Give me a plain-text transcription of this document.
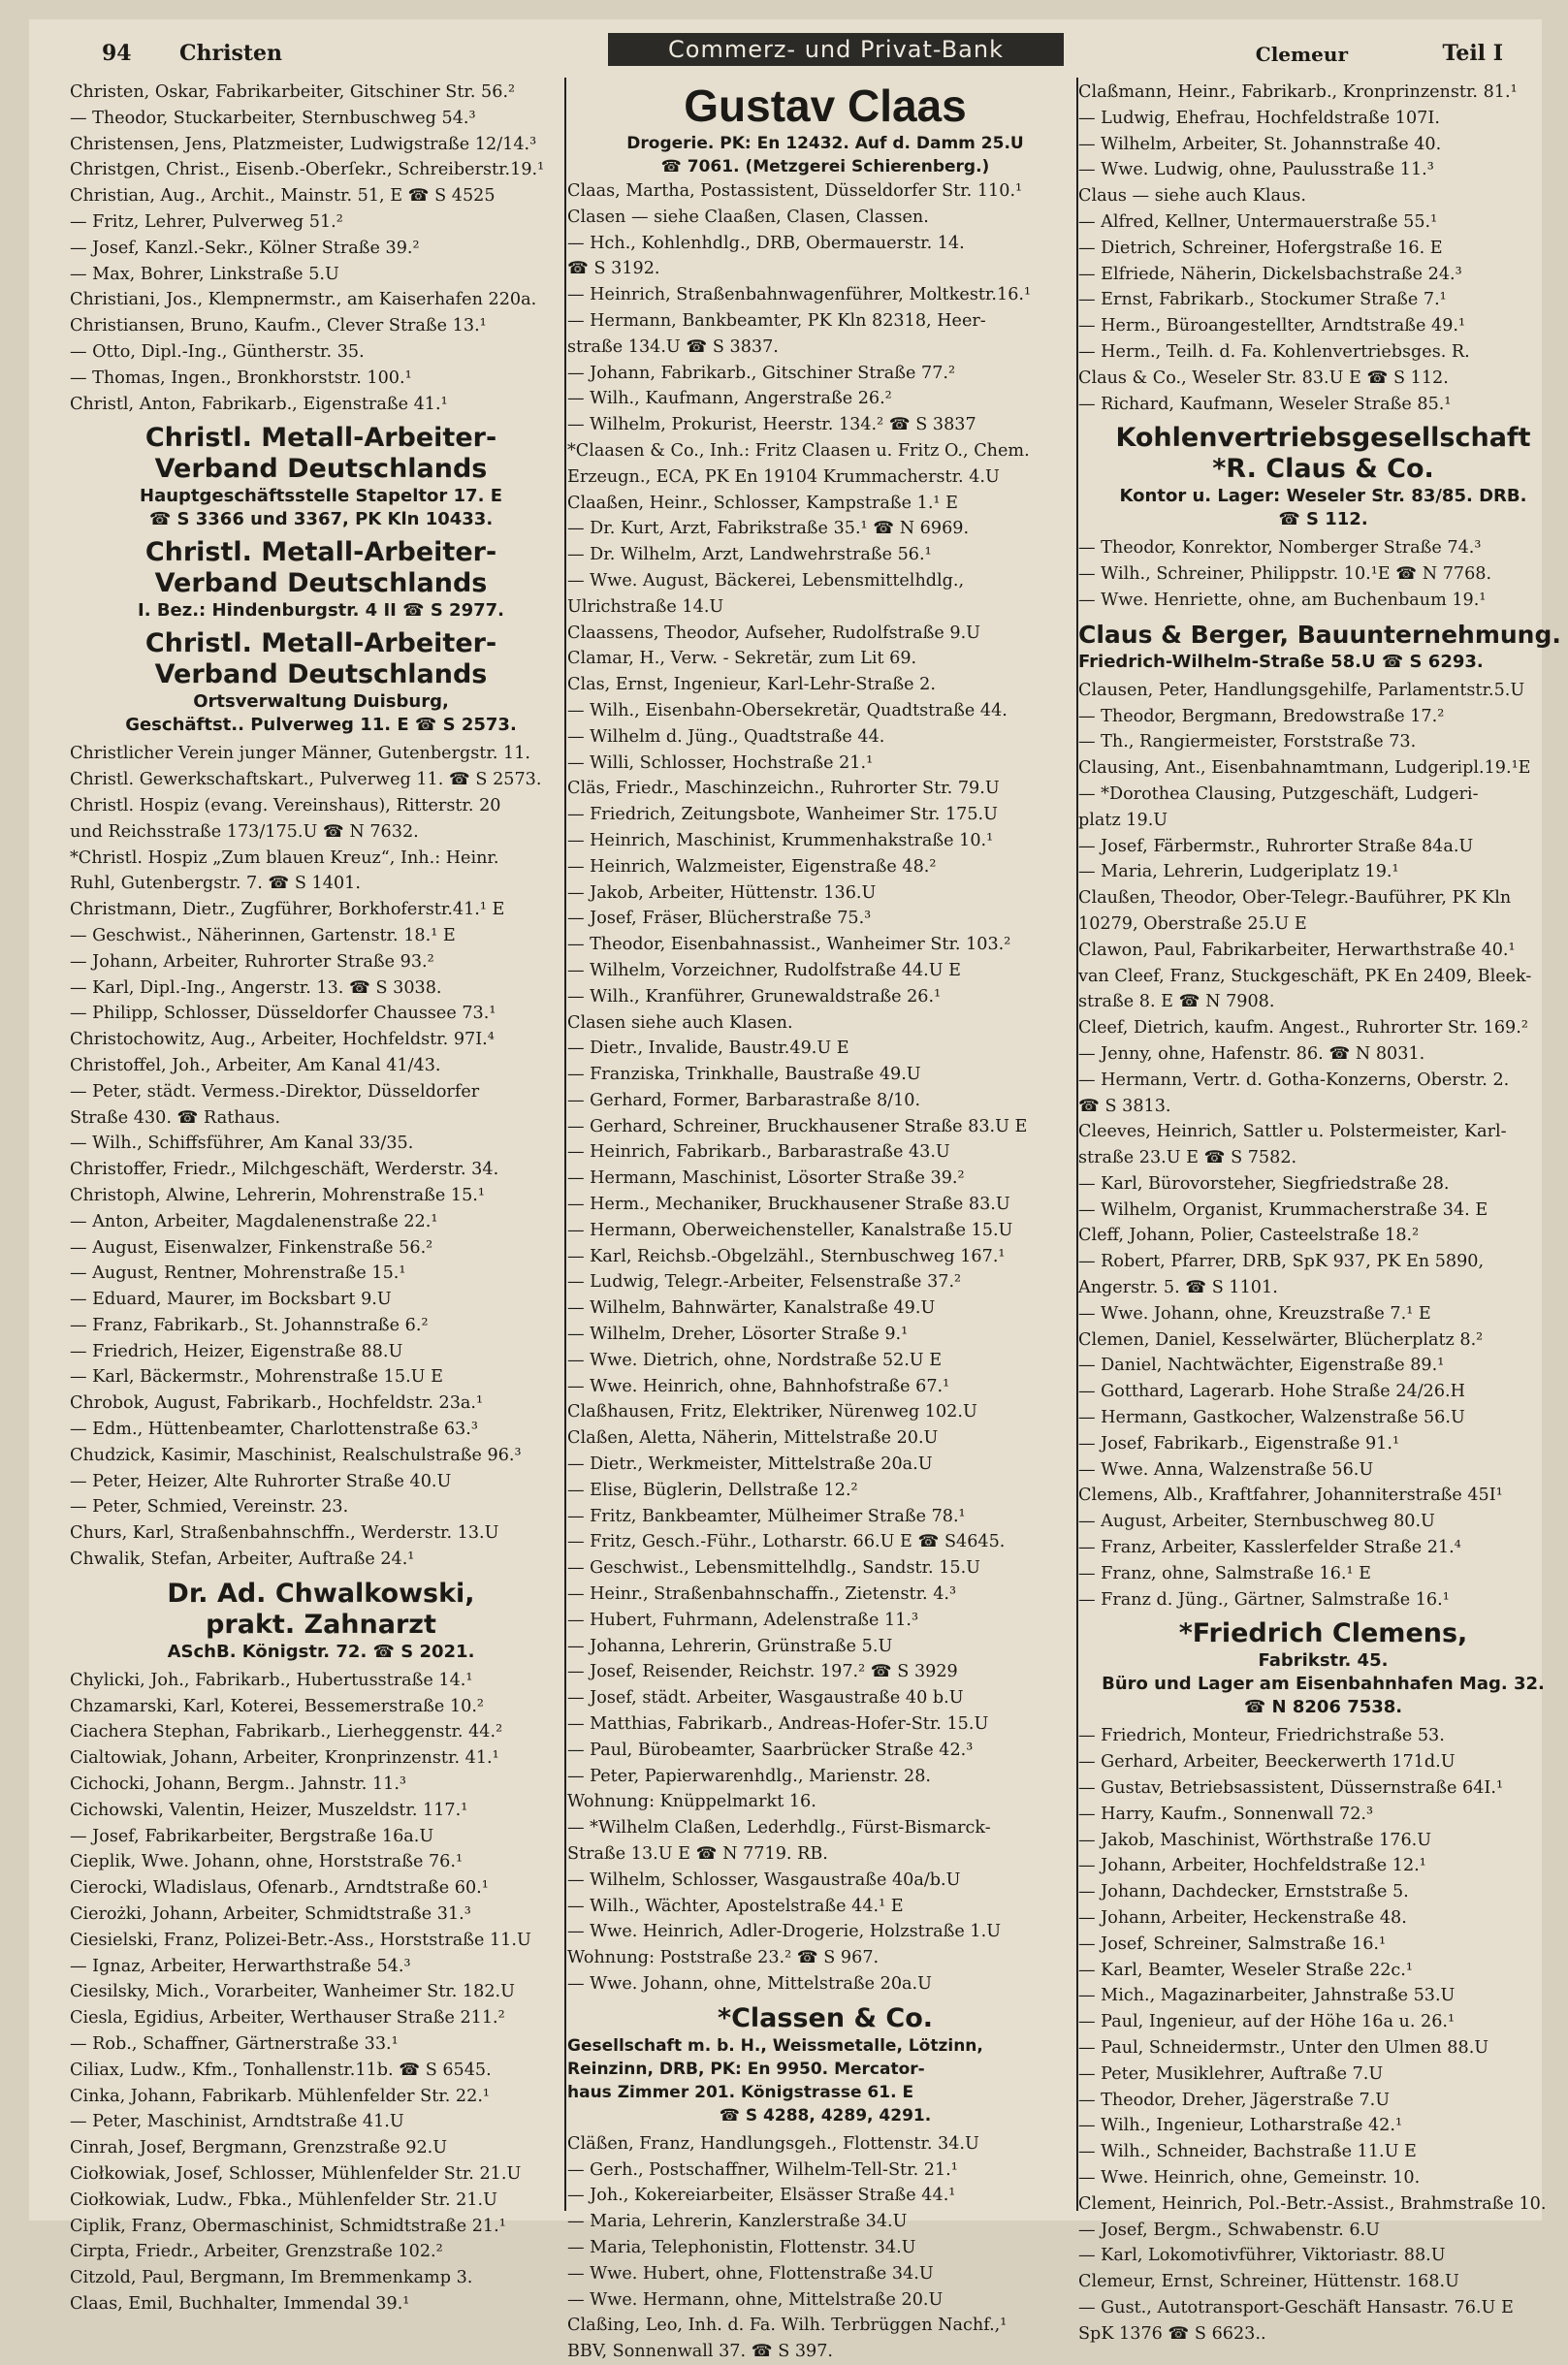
94 Christen	Commerz- und Privat-Bank	Clemeur	Teil I
Christen, Oskar, Fabrikarbeiter, Gitschiner Str. 56.²
— Theodor, Stuckarbeiter, Sternbuschweg 54.³
Christensen, Jens, Platzmeister, Ludwigstraße 12/14.³
Christgen, Christ., Eisenb.-Oberſekr., Schreiberstr.19.¹
Christian, Aug., Archit., Mainstr. 51, E ☎ S 4525
— Fritz, Lehrer, Pulverweg 51.²
— Josef, Kanzl.-Sekr., Kölner Straße 39.²
— Max, Bohrer, Linkstraße 5.U
Christiani, Jos., Klempnermstr., am Kaiserhafen 220a.
Christiansen, Bruno, Kaufm., Clever Straße 13.¹
— Otto, Dipl.-Ing., Güntherstr. 35.
— Thomas, Ingen., Bronkhorststr. 100.¹
Christl, Anton, Fabrikarb., Eigenstraße 41.¹
Christl. Metall-Arbeiter-
Verband Deutschlands
Hauptgeschäftsstelle Stapeltor 17. E
☎ S 3366 und 3367, PK Kln 10433.
Christl. Metall-Arbeiter-
Verband Deutschlands
I. Bez.: Hindenburgstr. 4 II ☎ S 2977.
Christl. Metall-Arbeiter-
Verband Deutschlands
Ortsverwaltung Duisburg,
Geschäftst.. Pulverweg 11. E ☎ S 2573.
Christlicher Verein junger Männer, Gutenbergstr. 11.
Christl. Gewerkschaftskart., Pulverweg 11. ☎ S 2573.
Christl. Hospiz (evang. Vereinshaus), Ritterstr. 20
und Reichsstraße 173/175.U ☎ N 7632.
*Christl. Hospiz „Zum blauen Kreuz“, Inh.: Heinr.
Ruhl, Gutenbergstr. 7. ☎ S 1401.
Christmann, Dietr., Zugführer, Borkhoferstr.41.¹ E
— Geschwist., Näherinnen, Gartenstr. 18.¹ E
— Johann, Arbeiter, Ruhrorter Straße 93.²
— Karl, Dipl.-Ing., Angerstr. 13. ☎ S 3038.
— Philipp, Schlosser, Düsseldorfer Chaussee 73.¹
Christochowitz, Aug., Arbeiter, Hochfeldstr. 97I.⁴
Christoffel, Joh., Arbeiter, Am Kanal 41/43.
— Peter, städt. Vermess.-Direktor, Düsseldorfer
Straße 430. ☎ Rathaus.
— Wilh., Schiffsführer, Am Kanal 33/35.
Christoffer, Friedr., Milchgeschäft, Werderstr. 34.
Christoph, Alwine, Lehrerin, Mohrenstraße 15.¹
— Anton, Arbeiter, Magdalenenstraße 22.¹
— August, Eisenwalzer, Finkenstraße 56.²
— August, Rentner, Mohrenstraße 15.¹
— Eduard, Maurer, im Bocksbart 9.U
— Franz, Fabrikarb., St. Johannstraße 6.²
— Friedrich, Heizer, Eigenstraße 88.U
— Karl, Bäckermstr., Mohrenstraße 15.U E
Chrobok, August, Fabrikarb., Hochfeldstr. 23a.¹
— Edm., Hüttenbeamter, Charlottenstraße 63.³
Chudzick, Kasimir, Maschinist, Realschulstraße 96.³
— Peter, Heizer, Alte Ruhrorter Straße 40.U
— Peter, Schmied, Vereinstr. 23.
Churs, Karl, Straßenbahnschffn., Werderstr. 13.U
Chwalik, Stefan, Arbeiter, Auftraße 24.¹
Dr. Ad. Chwalkowski,
prakt. Zahnarzt
ASchB. Königstr. 72. ☎ S 2021.
Chylicki, Joh., Fabrikarb., Hubertusstraße 14.¹
Chzamarski, Karl, Koterei, Bessemerstraße 10.²
Ciachera Stephan, Fabrikarb., Lierheggenstr. 44.²
Cialtowiak, Johann, Arbeiter, Kronprinzenstr. 41.¹
Cichocki, Johann, Bergm.. Jahnstr. 11.³
Cichowski, Valentin, Heizer, Muszeldstr. 117.¹
— Josef, Fabrikarbeiter, Bergstraße 16a.U
Cieplik, Wwe. Johann, ohne, Horststraße 76.¹
Cierocki, Wladislaus, Ofenarb., Arndtstraße 60.¹
Cierożki, Johann, Arbeiter, Schmidtstraße 31.³
Ciesielski, Franz, Polizei-Betr.-Ass., Horststraße 11.U
— Ignaz, Arbeiter, Herwarthstraße 54.³
Ciesilsky, Mich., Vorarbeiter, Wanheimer Str. 182.U
Ciesla, Egidius, Arbeiter, Werthauser Straße 211.²
— Rob., Schaffner, Gärtnerstraße 33.¹
Ciliax, Ludw., Kfm., Tonhallenstr.11b. ☎ S 6545.
Cinka, Johann, Fabrikarb. Mühlenfelder Str. 22.¹
— Peter, Maschinist, Arndtstraße 41.U
Cinrah, Josef, Bergmann, Grenzstraße 92.U
Ciołkowiak, Josef, Schlosser, Mühlenfelder Str. 21.U
Ciołkowiak, Ludw., Fbka., Mühlenfelder Str. 21.U
Ciplik, Franz, Obermaschinist, Schmidtstraße 21.¹
Cirpta, Friedr., Arbeiter, Grenzstraße 102.²
Citzold, Paul, Bergmann, Im Bremmenkamp 3.
Claas, Emil, Buchhalter, Immendal 39.¹
Gustav Claas
Drogerie. PK: En 12432. Auf d. Damm 25.U
☎ 7061. (Metzgerei Schierenberg.)
Claas, Martha, Postassistent, Düsseldorfer Str. 110.¹
Clasen — siehe Claaßen, Clasen, Classen.
— Hch., Kohlenhdlg., DRB, Obermauerstr. 14.
☎ S 3192.
— Heinrich, Straßenbahnwagenführer, Moltkestr.16.¹
— Hermann, Bankbeamter, PK Kln 82318, Heer-
straße 134.U ☎ S 3837.
— Johann, Fabrikarb., Gitschiner Straße 77.²
— Wilh., Kaufmann, Angerstraße 26.²
— Wilhelm, Prokurist, Heerstr. 134.² ☎ S 3837
*Claasen & Co., Inh.: Fritz Claasen u. Fritz O., Chem.
Erzeugn., ECA, PK En 19104 Krummacherstr. 4.U
Claaßen, Heinr., Schlosser, Kampstraße 1.¹ E
— Dr. Kurt, Arzt, Fabrikstraße 35.¹ ☎ N 6969.
— Dr. Wilhelm, Arzt, Landwehrstraße 56.¹
— Wwe. August, Bäckerei, Lebensmittelhdlg.,
Ulrichstraße 14.U
Claassens, Theodor, Aufseher, Rudolfstraße 9.U
Clamar, H., Verw. - Sekretär, zum Lit 69.
Clas, Ernst, Ingenieur, Karl-Lehr-Straße 2.
— Wilh., Eisenbahn-Obersekretär, Quadtstraße 44.
— Wilhelm d. Jüng., Quadtstraße 44.
— Willi, Schlosser, Hochstraße 21.¹
Cläs, Friedr., Maschinzeichn., Ruhrorter Str. 79.U
— Friedrich, Zeitungsbote, Wanheimer Str. 175.U
— Heinrich, Maschinist, Krummenhakstraße 10.¹
— Heinrich, Walzmeister, Eigenstraße 48.²
— Jakob, Arbeiter, Hüttenstr. 136.U
— Josef, Fräser, Blücherstraße 75.³
— Theodor, Eisenbahnassist., Wanheimer Str. 103.²
— Wilhelm, Vorzeichner, Rudolfstraße 44.U E
— Wilh., Kranführer, Grunewaldstraße 26.¹
Clasen siehe auch Klasen.
— Dietr., Invalide, Baustr.49.U E
— Franziska, Trinkhalle, Baustraße 49.U
— Gerhard, Former, Barbarastraße 8/10.
— Gerhard, Schreiner, Bruckhausener Straße 83.U E
— Heinrich, Fabrikarb., Barbarastraße 43.U
— Hermann, Maschinist, Lösorter Straße 39.²
— Herm., Mechaniker, Bruckhausener Straße 83.U
— Hermann, Oberweichensteller, Kanalstraße 15.U
— Karl, Reichsb.-Obgelzähl., Sternbuschweg 167.¹
— Ludwig, Telegr.-Arbeiter, Felsenstraße 37.²
— Wilhelm, Bahnwärter, Kanalstraße 49.U
— Wilhelm, Dreher, Lösorter Straße 9.¹
— Wwe. Dietrich, ohne, Nordstraße 52.U E
— Wwe. Heinrich, ohne, Bahnhofstraße 67.¹
Claßhausen, Fritz, Elektriker, Nürenweg 102.U
Claßen, Aletta, Näherin, Mittelstraße 20.U
— Dietr., Werkmeister, Mittelstraße 20a.U
— Elise, Büglerin, Dellstraße 12.²
— Fritz, Bankbeamter, Mülheimer Straße 78.¹
— Fritz, Gesch.-Führ., Lotharstr. 66.U E ☎ S4645.
— Geschwist., Lebensmittelhdlg., Sandstr. 15.U
— Heinr., Straßenbahnschaffn., Zietenstr. 4.³
— Hubert, Fuhrmann, Adelenstraße 11.³
— Johanna, Lehrerin, Grünstraße 5.U
— Josef, Reisender, Reichstr. 197.² ☎ S 3929
— Josef, städt. Arbeiter, Wasgaustraße 40 b.U
— Matthias, Fabrikarb., Andreas-Hofer-Str. 15.U
— Paul, Bürobeamter, Saarbrücker Straße 42.³
— Peter, Papierwarenhdlg., Marienstr. 28.
Wohnung: Knüppelmarkt 16.
— *Wilhelm Claßen, Lederhdlg., Fürst-Bismarck-
Straße 13.U E ☎ N 7719. RB.
— Wilhelm, Schlosser, Wasgaustraße 40a/b.U
— Wilh., Wächter, Apostelstraße 44.¹ E
— Wwe. Heinrich, Adler-Drogerie, Holzstraße 1.U
Wohnung: Poststraße 23.² ☎ S 967.
— Wwe. Johann, ohne, Mittelstraße 20a.U
*Classen & Co.
Gesellschaft m. b. H., Weissmetalle, Lötzinn,
Reinzinn, DRB, PK: En 9950. Mercator-
haus Zimmer 201. Königstrasse 61. E
☎ S 4288, 4289, 4291.
Cläßen, Franz, Handlungsgeh., Flottenstr. 34.U
— Gerh., Postschaffner, Wilhelm-Tell-Str. 21.¹
— Joh., Kokereiarbeiter, Elsässer Straße 44.¹
— Maria, Lehrerin, Kanzlerstraße 34.U
— Maria, Telephonistin, Flottenstr. 34.U
— Wwe. Hubert, ohne, Flottenstraße 34.U
— Wwe. Hermann, ohne, Mittelstraße 20.U
Claßing, Leo, Inh. d. Fa. Wilh. Terbrüggen Nachf.,¹
BBV, Sonnenwall 37. ☎ S 397.
Claßmann, Heinr., Fabrikarb., Kronprinzenstr. 81.¹
— Ludwig, Ehefrau, Hochfeldstraße 107I.
— Wilhelm, Arbeiter, St. Johannstraße 40.
— Wwe. Ludwig, ohne, Paulusstraße 11.³
Claus — siehe auch Klaus.
— Alfred, Kellner, Untermauerstraße 55.¹
— Dietrich, Schreiner, Hofergstraße 16. E
— Elfriede, Näherin, Dickelsbachstraße 24.³
— Ernst, Fabrikarb., Stockumer Straße 7.¹
— Herm., Büroangestellter, Arndtstraße 49.¹
— Herm., Teilh. d. Fa. Kohlenvertriebsges. R.
Claus & Co., Weseler Str. 83.U E ☎ S 112.
— Richard, Kaufmann, Weseler Straße 85.¹
Kohlenvertriebsgesellschaft
*R. Claus & Co.
Kontor u. Lager: Weseler Str. 83/85. DRB.
☎ S 112.
— Theodor, Konrektor, Nomberger Straße 74.³
— Wilh., Schreiner, Philippstr. 10.¹E ☎ N 7768.
— Wwe. Henriette, ohne, am Buchenbaum 19.¹
Claus & Berger, Bauunternehmung.
Friedrich-Wilhelm-Straße 58.U ☎ S 6293.
Clausen, Peter, Handlungsgehilfe, Parlamentstr.5.U
— Theodor, Bergmann, Bredowstraße 17.²
— Th., Rangiermeister, Forststraße 73.
Clausing, Ant., Eisenbahnamtmann, Ludgeripl.19.¹E
— *Dorothea Clausing, Putzgeschäft, Ludgeri-
platz 19.U
— Josef, Färbermstr., Ruhrorter Straße 84a.U
— Maria, Lehrerin, Ludgeriplatz 19.¹
Claußen, Theodor, Ober-Telegr.-Bauführer, PK Kln
10279, Oberstraße 25.U E
Clawon, Paul, Fabrikarbeiter, Herwarthstraße 40.¹
van Cleef, Franz, Stuckgeschäft, PK En 2409, Bleek-
straße 8. E ☎ N 7908.
Cleef, Dietrich, kaufm. Angest., Ruhrorter Str. 169.²
— Jenny, ohne, Hafenstr. 86. ☎ N 8031.
— Hermann, Vertr. d. Gotha-Konzerns, Oberstr. 2.
☎ S 3813.
Cleeves, Heinrich, Sattler u. Polstermeister, Karl-
straße 23.U E ☎ S 7582.
— Karl, Bürovorsteher, Siegfriedstraße 28.
— Wilhelm, Organist, Krummacherstraße 34. E
Cleff, Johann, Polier, Casteelstraße 18.²
— Robert, Pfarrer, DRB, SpK 937, PK En 5890,
Angerstr. 5. ☎ S 1101.
— Wwe. Johann, ohne, Kreuzstraße 7.¹ E
Clemen, Daniel, Kesselwärter, Blücherplatz 8.²
— Daniel, Nachtwächter, Eigenstraße 89.¹
— Gotthard, Lagerarb. Hohe Straße 24/26.H
— Hermann, Gastkocher, Walzenstraße 56.U
— Josef, Fabrikarb., Eigenstraße 91.¹
— Wwe. Anna, Walzenstraße 56.U
Clemens, Alb., Kraftfahrer, Johanniterstraße 45I¹
— August, Arbeiter, Sternbuschweg 80.U
— Franz, Arbeiter, Kasslerfelder Straße 21.⁴
— Franz, ohne, Salmstraße 16.¹ E
— Franz d. Jüng., Gärtner, Salmstraße 16.¹
*Friedrich Clemens,
Fabrikstr. 45.
Büro und Lager am Eisenbahnhafen Mag. 32.
☎ N 8206 7538.
— Friedrich, Monteur, Friedrichstraße 53.
— Gerhard, Arbeiter, Beeckerwerth 171d.U
— Gustav, Betriebsassistent, Düssernstraße 64I.¹
— Harry, Kaufm., Sonnenwall 72.³
— Jakob, Maschinist, Wörthstraße 176.U
— Johann, Arbeiter, Hochfeldstraße 12.¹
— Johann, Dachdecker, Ernststraße 5.
— Johann, Arbeiter, Heckenstraße 48.
— Josef, Schreiner, Salmstraße 16.¹
— Karl, Beamter, Weseler Straße 22c.¹
— Mich., Magazinarbeiter, Jahnstraße 53.U
— Paul, Ingenieur, auf der Höhe 16a u. 26.¹
— Paul, Schneidermstr., Unter den Ulmen 88.U
— Peter, Musiklehrer, Auftraße 7.U
— Theodor, Dreher, Jägerstraße 7.U
— Wilh., Ingenieur, Lotharstraße 42.¹
— Wilh., Schneider, Bachstraße 11.U E
— Wwe. Heinrich, ohne, Gemeinstr. 10.
Clement, Heinrich, Pol.-Betr.-Assist., Brahmstraße 10.
— Josef, Bergm., Schwabenstr. 6.U
— Karl, Lokomotivführer, Viktoriastr. 88.U
Clemeur, Ernst, Schreiner, Hüttenstr. 168.U
— Gust., Autotransport-Geschäft Hansastr. 76.U E
SpK 1376 ☎ S 6623..
